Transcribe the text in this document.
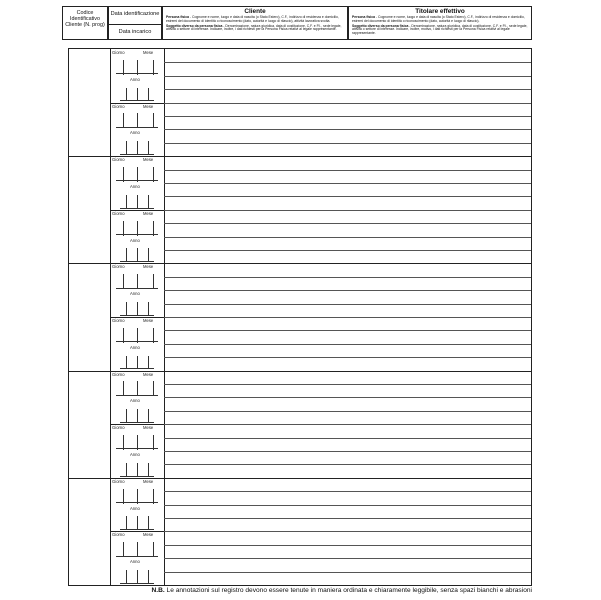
Codice Identificativo Cliente (N. prog)
Data identificazione
Data incarico
Cliente
Persona fisica - Cognome e nome, luogo e data di nascita (o Stato Estero), C.F., indirizzo di residenza e domicilio, estremi del documento di identità o riconoscimento (dato, autorità e luogo di rilascio), attività lavorativa svolta.
Soggetto diverso da persona fisica - Denominazione, natura giuridica, data di costituzione, C.F. e P.I., sede legale, attività o settore di interesse. Indicare, inoltre, i dati richiesti per la Persona Fisica relativi al legale rappresentante.
Titolare effettivo
Persona fisica - Cognome e nome, luogo e data di nascita (o Stato Estero), C.F., indirizzo di residenza e domicilio, estremi del documento di identità o riconoscimento (dato, autorità e luogo di rilascio).
Soggetto diverso da persona fisica - Denominazione, natura giuridica, data di costituzione, C.F. e P.I., sede legale, attività o settore di interesse. Indicare, inoltre, motivo, i dati richiesti per la Persona Fisica relativi al legale rappresentante.
Giorno	Mese
Anno
Giorno	Mese
Anno
Giorno	Mese
Anno
Giorno	Mese
Anno
Giorno	Mese
Anno
Giorno	Mese
Anno
Giorno	Mese
Anno
Giorno	Mese
Anno
Giorno	Mese
Anno
Giorno	Mese
Anno
N.B. Le annotazioni sul registro devono essere tenute in maniera ordinata e chiaramente leggibile, senza spazi bianchi e abrasioni
